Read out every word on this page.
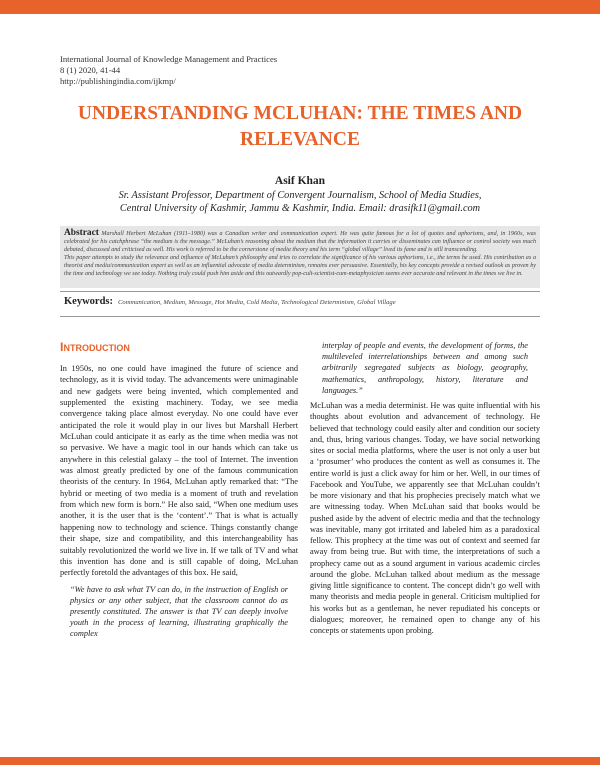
International Journal of Knowledge Management and Practices
8 (1) 2020, 41-44
http://publishingindia.com/ijkmp/
UNDERSTANDING MCLUHAN: THE TIMES AND RELEVANCE
Asif Khan
Sr. Assistant Professor, Department of Convergent Journalism, School of Media Studies,
Central University of Kashmir, Jammu & Kashmir, India. Email: drasifk11@gmail.com

Abstract Marshall Herbert McLuhan (1911–1980) was a Canadian writer and communication expert. He was quite famous for a lot of quotes and aphorisms, and, in 1960s, was celebrated for his catchphrase “the medium is the message.” McLuhan’s reasoning about the medium that the information it carries or disseminates can influence or control society was much debated, discussed and criticised as well. His work is referred to be the cornerstone of media theory and his term “global village” lived its fame and is still transcending.

This paper attempts to study the relevance and influence of McLuhan’s philosophy and tries to correlate the significance of his various aphorisms, i.e., the terms he used. His contribution as a theorist and media/communication expert as well as an influential advocate of media determinism, remains ever persuasive. Essentially, his key concepts provide a revised outlook as proven by the time and technology we see today. Nothing truly could push him aside and this outwardly pop-cult-scientist-cum-metaphysician seems ever accurate and relevant in the times we live in.

Keywords: Communication, Medium, Message, Hot Media, Cold Media, Technological Determinism, Global Village
Introduction

In 1950s, no one could have imagined the future of science and technology, as it is vivid today. The advancements were unimaginable and new gadgets were being invented, which complemented and supplemented the existing machinery. Today, we see media convergence taking place almost everyday. No one could have ever anticipated the role it would play in our lives but Marshall Herbert McLuhan could anticipate it as early as the time when media was not so pervasive. We have a magic tool in our hands which can take us anywhere in this celestial galaxy – the tool of Internet. The invention was almost greatly predicted by one of the famous communication theorists of the century. In 1964, McLuhan aptly remarked that: “The hybrid or meeting of two media is a moment of truth and revelation from which new form is born.” He also said, “When one medium uses another, it is the user that is the ‘content’.” That is what is actually happening now to technology and science. Things constantly change their shape, size and compatibility, and this interchangeability has suitably revolutionized the world we live in. If we talk of TV and what this invention has done and is still capable of doing, McLuhan perfectly foretold the advantages of this box. He said,

“We have to ask what TV can do, in the instruction of English or physics or any other subject, that the classroom cannot do as presently constituted. The answer is that TV can deeply involve youth in the process of learning, illustrating graphically the complex

interplay of people and events, the development of forms, the multileveled interrelationships between and among such arbitrarily segregated subjects as biology, geography, mathematics, anthropology, history, literature and languages.”

McLuhan was a media determinist. He was quite influential with his thoughts about evolution and advancement of technology. He believed that technology could easily alter and condition our society and, thus, bring various changes. Today, we have social networking sites or social media platforms, where the user is not only a user but a ‘prosumer’ who produces the content as well as consumes it. The entire world is just a click away for him or her. Well, in our times of Facebook and YouTube, we apparently see that McLuhan couldn’t be more visionary and that his prophecies precisely match what we are witnessing today. When McLuhan said that books would be pushed aside by the advent of electric media and that the technology was inevitable, many got irritated and labeled him as a paradoxical fellow. This prophecy at the time was out of context and seemed far away from being true. But with time, the interpretations of such a prophecy came out as a sound argument in various academic circles around the globe. McLuhan talked about medium as the message giving little significance to content. The concept didn’t go well with many theorists and media people in general. Criticism multiplied for his works but as a gentleman, he never repudiated his concepts or dialogues; moreover, he remained open to change any of his concepts or statements upon probing.
